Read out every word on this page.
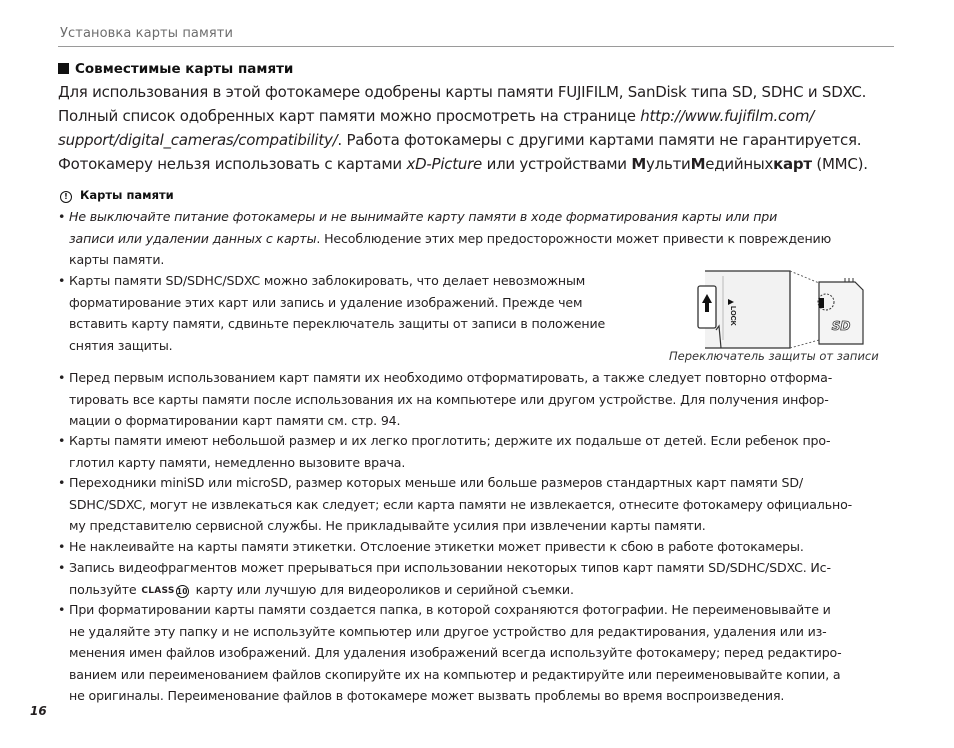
Установка карты памяти
Совместимые карты памяти
Для использования в этой фотокамере одобрены карты памяти FUJIFILM, SanDisk типа SD, SDHC и SDXC.
Полный список одобренных карт памяти можно просмотреть на странице http://www.fujifilm.com/
support/digital_cameras/compatibility/. Работа фотокамеры с другими картами памяти не гарантируется.
Фотокамеру нельзя использовать с картами xD-Picture или устройствами МультиМедийныхкарт (MMC).
! Карты памяти
• Не выключайте питание фотокамеры и не вынимайте карту памяти в ходе форматирования карты или при
записи или удалении данных с карты. Несоблюдение этих мер предосторожности может привести к повреждению
карты памяти.
• Карты памяти SD/SDHC/SDXC можно заблокировать, что делает невозможным
форматирование этих карт или запись и удаление изображений. Прежде чем
вставить карту памяти, сдвиньте переключатель защиты от записи в положение
снятия защиты.
LOCK
SD
Переключатель защиты от записи
• Перед первым использованием карт памяти их необходимо отформатировать, а также следует повторно отформа-
тировать все карты памяти после использования их на компьютере или другом устройстве. Для получения инфор-
мации о форматировании карт памяти см. стр. 94.
• Карты памяти имеют небольшой размер и их легко проглотить; держите их подальше от детей. Если ребенок про-
глотил карту памяти, немедленно вызовите врача.
• Переходники miniSD или microSD, размер которых меньше или больше размеров стандартных карт памяти SD/
SDHC/SDXC, могут не извлекаться как следует; если карта памяти не извлекается, отнесите фотокамеру официально-
му представителю сервисной службы. Не прикладывайте усилия при извлечении карты памяти.
• Не наклеивайте на карты памяти этикетки. Отслоение этикетки может привести к сбою в работе фотокамеры.
• Запись видеофрагментов может прерываться при использовании некоторых типов карт памяти SD/SDHC/SDXC. Ис-
пользуйте CLASS 10 карту или лучшую для видеороликов и серийной съемки.
• При форматировании карты памяти создается папка, в которой сохраняются фотографии. Не переименовывайте и
не удаляйте эту папку и не используйте компьютер или другое устройство для редактирования, удаления или из-
менения имен файлов изображений. Для удаления изображений всегда используйте фотокамеру; перед редактиро-
ванием или переименованием файлов скопируйте их на компьютер и редактируйте или переименовывайте копии, а
не оригиналы. Переименование файлов в фотокамере может вызвать проблемы во время воспроизведения.
16
